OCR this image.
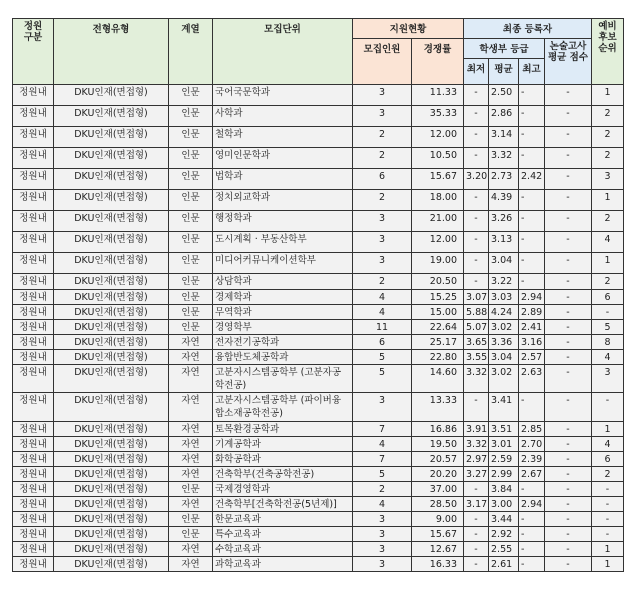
정원
구분	전형유형	계열	모집단위	지원현황		최종 등록자				예비 후보 순위
				모집인원	경쟁률	학생부 등급			논술고사 평균 점수	
						최저	평균	최고		
정원내	DKU인재(면접형)	인문	국어국문학과	3	11.33	-	2.50	-	-	1
정원내	DKU인재(면접형)	인문	사학과	3	35.33	-	2.86	-	-	2
정원내	DKU인재(면접형)	인문	철학과	2	12.00	-	3.14	-	-	2
정원내	DKU인재(면접형)	인문	영미인문학과	2	10.50	-	3.32	-	-	2
정원내	DKU인재(면접형)	인문	법학과	6	15.67	3.20	2.73	2.42	-	3
정원내	DKU인재(면접형)	인문	정치외교학과	2	18.00	-	4.39	-	-	1
정원내	DKU인재(면접형)	인문	행정학과	3	21.00	-	3.26	-	-	2
정원내	DKU인재(면접형)	인문	도시계획 · 부동산학부	3	12.00	-	3.13	-	-	4
정원내	DKU인재(면접형)	인문	미디어커뮤니케이션학부	3	19.00	-	3.04	-	-	1
정원내	DKU인재(면접형)	인문	상담학과	2	20.50	-	3.22	-	-	2
정원내	DKU인재(면접형)	인문	경제학과	4	15.25	3.07	3.03	2.94	-	6
정원내	DKU인재(면접형)	인문	무역학과	4	15.00	5.88	4.24	2.89	-	-
정원내	DKU인재(면접형)	인문	경영학부	11	22.64	5.07	3.02	2.41	-	5
정원내	DKU인재(면접형)	자연	전자전기공학과	6	25.17	3.65	3.36	3.16	-	8
정원내	DKU인재(면접형)	자연	융합반도체공학과	5	22.80	3.55	3.04	2.57	-	4
정원내	DKU인재(면접형)	자연	고분자시스템공학부 (고분자공학전공)	5	14.60	3.32	3.02	2.63	-	3
정원내	DKU인재(면접형)	자연	고분자시스템공학부 (파이버융합소재공학전공)	3	13.33	-	3.41	-	-	-
정원내	DKU인재(면접형)	자연	토목환경공학과	7	16.86	3.91	3.51	2.85	-	1
정원내	DKU인재(면접형)	자연	기계공학과	4	19.50	3.32	3.01	2.70	-	4
정원내	DKU인재(면접형)	자연	화학공학과	7	20.57	2.97	2.59	2.39	-	6
정원내	DKU인재(면접형)	자연	건축학부(건축공학전공)	5	20.20	3.27	2.99	2.67	-	2
정원내	DKU인재(면접형)	인문	국제경영학과	2	37.00	-	3.84	-	-	-
정원내	DKU인재(면접형)	자연	건축학부[건축학전공(5년제)]	4	28.50	3.17	3.00	2.94	-	-
정원내	DKU인재(면접형)	인문	한문교육과	3	9.00	-	3.44	-	-	-
정원내	DKU인재(면접형)	인문	특수교육과	3	15.67	-	2.92	-	-	-
정원내	DKU인재(면접형)	자연	수학교육과	3	12.67	-	2.55	-	-	1
정원내	DKU인재(면접형)	자연	과학교육과	3	16.33	-	2.61	-	-	1
